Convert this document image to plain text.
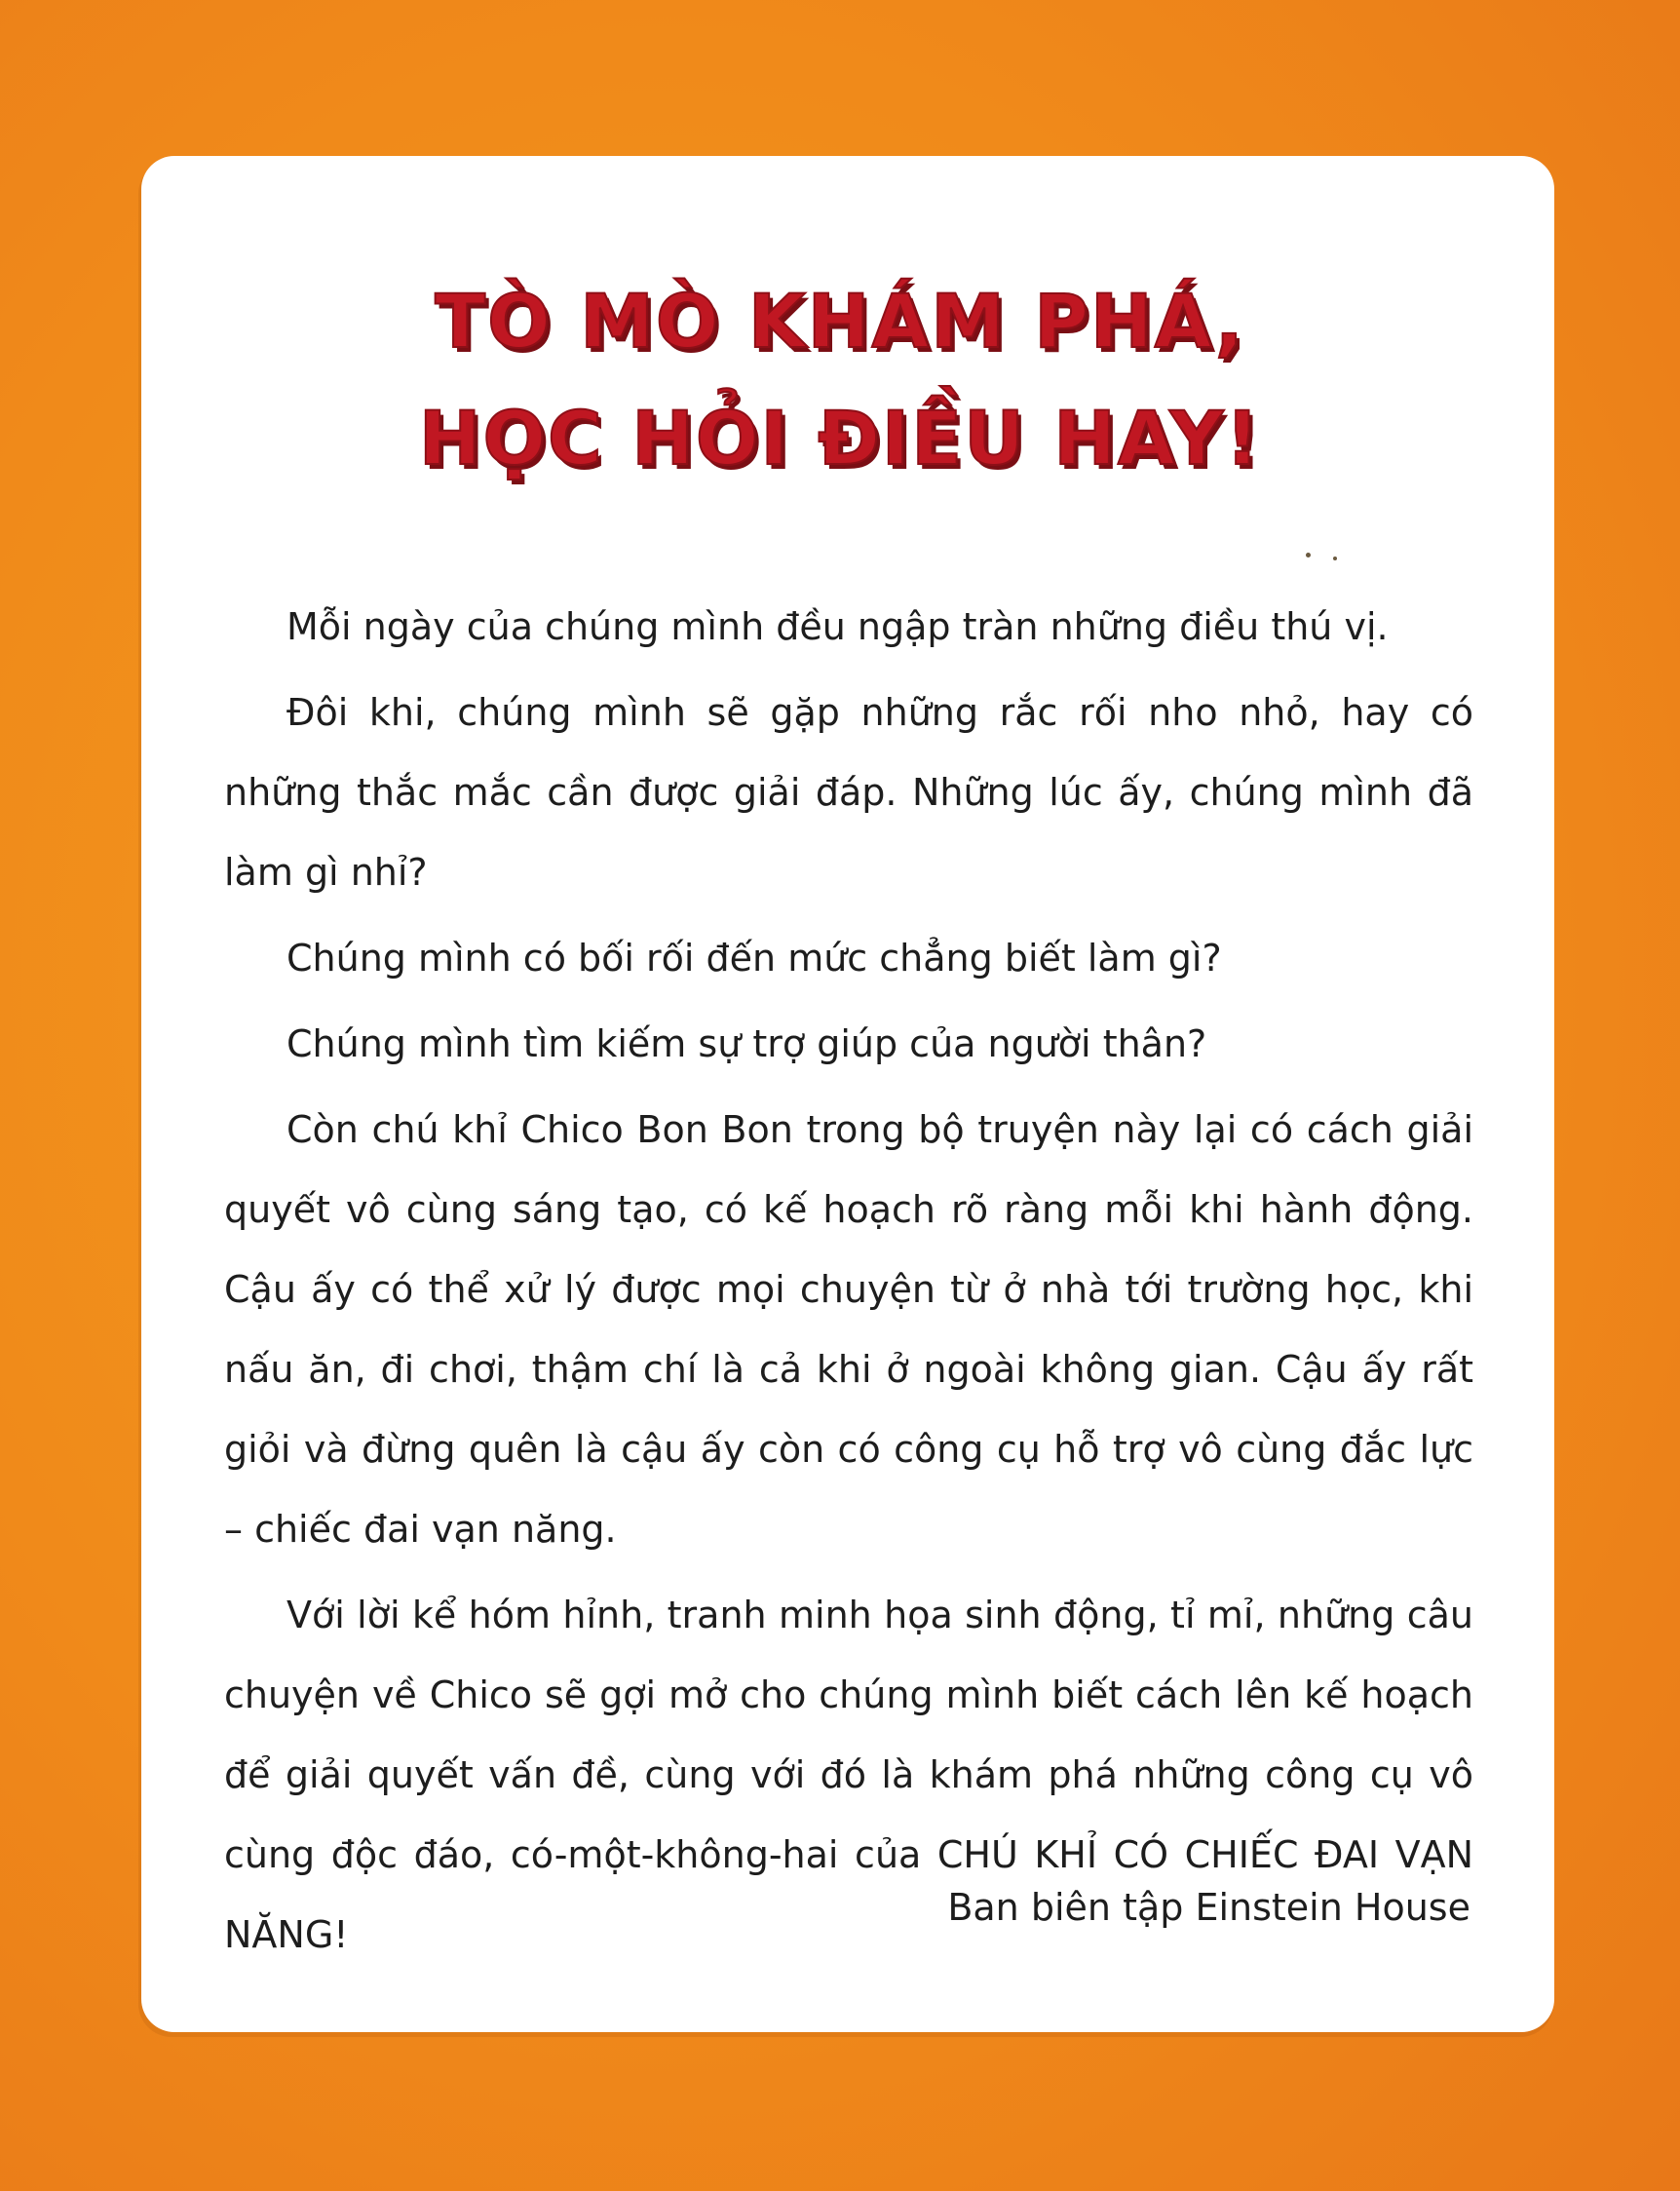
TÒ MÒ KHÁM PHÁ,
HỌC HỎI ĐIỀU HAY!

Mỗi ngày của chúng mình đều ngập tràn những điều thú vị.

Đôi khi, chúng mình sẽ gặp những rắc rối nho nhỏ, hay có những thắc mắc cần được giải đáp. Những lúc ấy, chúng mình đã làm gì nhỉ?

Chúng mình có bối rối đến mức chẳng biết làm gì?

Chúng mình tìm kiếm sự trợ giúp của người thân?

Còn chú khỉ Chico Bon Bon trong bộ truyện này lại có cách giải quyết vô cùng sáng tạo, có kế hoạch rõ ràng mỗi khi hành động. Cậu ấy có thể xử lý được mọi chuyện từ ở nhà tới trường học, khi nấu ăn, đi chơi, thậm chí là cả khi ở ngoài không gian. Cậu ấy rất giỏi và đừng quên là cậu ấy còn có công cụ hỗ trợ vô cùng đắc lực – chiếc đai vạn năng.

Với lời kể hóm hỉnh, tranh minh họa sinh động, tỉ mỉ, những câu chuyện về Chico sẽ gợi mở cho chúng mình biết cách lên kế hoạch để giải quyết vấn đề, cùng với đó là khám phá những công cụ vô cùng độc đáo, có-một-không-hai của CHÚ KHỈ CÓ CHIẾC ĐAI VẠN NĂNG!

Ban biên tập Einstein House
